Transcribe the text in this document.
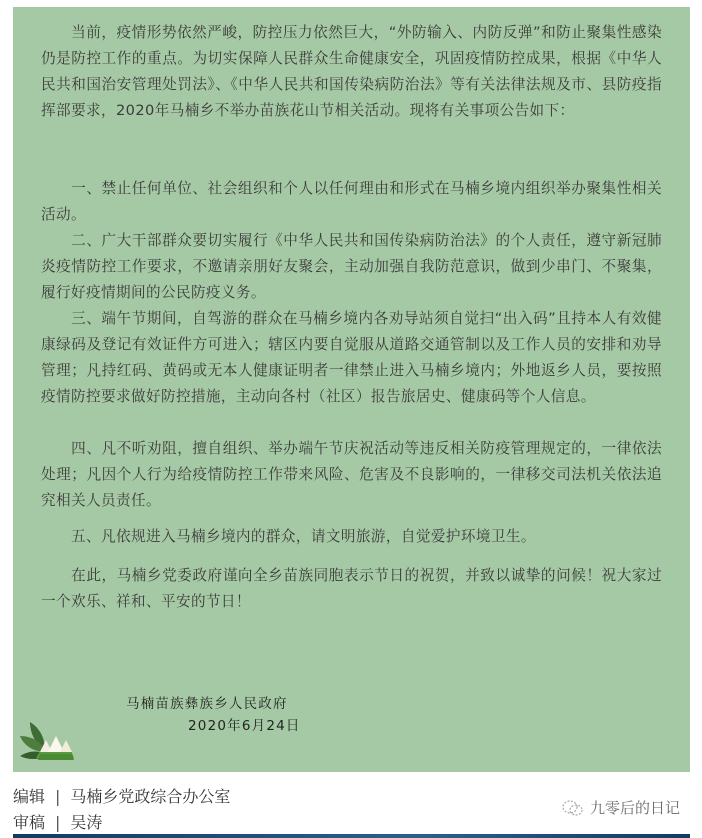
当前，疫情形势依然严峻，防控压力依然巨大，“外防输入、内防反弹”和防止聚集性感染仍是防控工作的重点。为切实保障人民群众生命健康安全，巩固疫情防控成果，根据《中华人民共和国治安管理处罚法》、《中华人民共和国传染病防治法》等有关法律法规及市、县防疫指挥部要求，2020年马楠乡不举办苗族花山节相关活动。现将有关事项公告如下：
一、禁止任何单位、社会组织和个人以任何理由和形式在马楠乡境内组织举办聚集性相关活动。
二、广大干部群众要切实履行《中华人民共和国传染病防治法》的个人责任，遵守新冠肺炎疫情防控工作要求，不邀请亲朋好友聚会，主动加强自我防范意识，做到少串门、不聚集，履行好疫情期间的公民防疫义务。
三、端午节期间，自驾游的群众在马楠乡境内各劝导站须自觉扫“出入码”且持本人有效健康绿码及登记有效证件方可进入；辖区内要自觉服从道路交通管制以及工作人员的安排和劝导管理；凡持红码、黄码或无本人健康证明者一律禁止进入马楠乡境内；外地返乡人员，要按照疫情防控要求做好防控措施，主动向各村（社区）报告旅居史、健康码等个人信息。
四、凡不听劝阻，擅自组织、举办端午节庆祝活动等违反相关防疫管理规定的，一律依法处理；凡因个人行为给疫情防控工作带来风险、危害及不良影响的，一律移交司法机关依法追究相关人员责任。
五、凡依规进入马楠乡境内的群众，请文明旅游，自觉爱护环境卫生。
在此，马楠乡党委政府谨向全乡苗族同胞表示节日的祝贺，并致以诚挚的问候！祝大家过一个欢乐、祥和、平安的节日！
马楠苗族彝族乡人民政府
2020年6月24日
编辑 | 马楠乡党政综合办公室
审稿 | 吴涛
九零后的日记
